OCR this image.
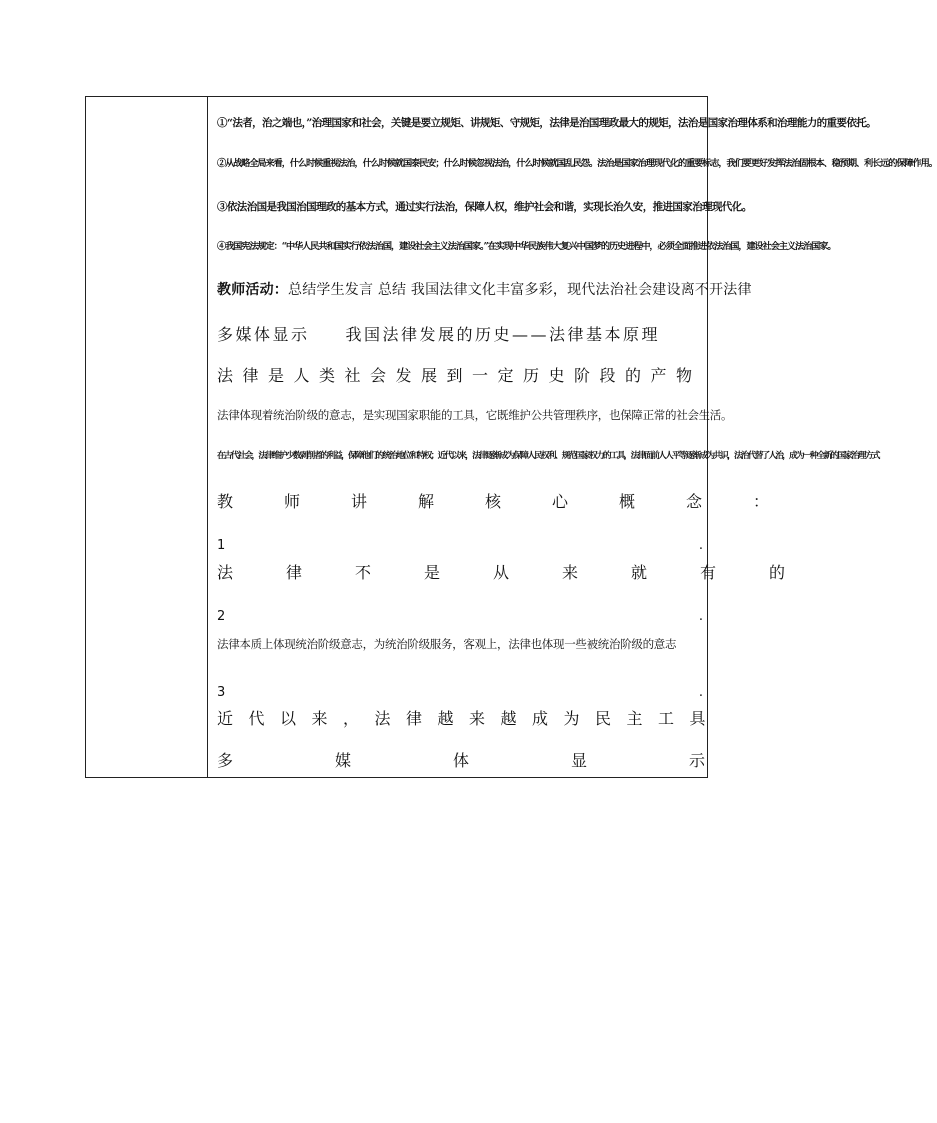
①“法者，治之端也，”治理国家和社会，关键是要立规矩、讲规矩、守规矩，法律是治国理政最大的规矩，法治是国家治理体系和治理能力的重要依托。
②从战略全局来看，什么时候重视法治，什么时候就国泰民安；什么时候忽视法治，什么时候就国乱民怨。法治是国家治理现代化的重要标志，我们要更好发挥法治固根本、稳预期、利长远的保障作用。
③依法治国是我国治国理政的基本方式，通过实行法治，保障人权，维护社会和谐，实现长治久安，推进国家治理现代化。
④我国宪法规定：“中华人民共和国实行依法治国，建设社会主义法治国家。”在实现中华民族伟大复兴中国梦的历史进程中，必须全面推进依法治国，建设社会主义法治国家。
教师活动：总结学生发言 总结 我国法律文化丰富多彩，现代法治社会建设离不开法律
多媒体显示 我国法律发展的历史——法律基本原理
法律是人类社会发展到一定历史阶段的产物
法律体现着统治阶级的意志，是实现国家职能的工具，它既维护公共管理秩序，也保障正常的社会生活。
在古代社会，法律维护少数剥削者的利益，保障他们的统治地位和特权；近代以来，法律逐渐成为保障人民权利、规范国家权力的工具，法律面前人人平等逐渐成为共识，法治代替了人治，成为一种全新的国家治理方式
教师讲解核心概念：
1	.
法律不是从来就有的
2	.
法律本质上体现统治阶级意志，为统治阶级服务，客观上，法律也体现一些被统治阶级的意志
3	.
近代以来，法律越来越成为民主工具
多媒体显示
